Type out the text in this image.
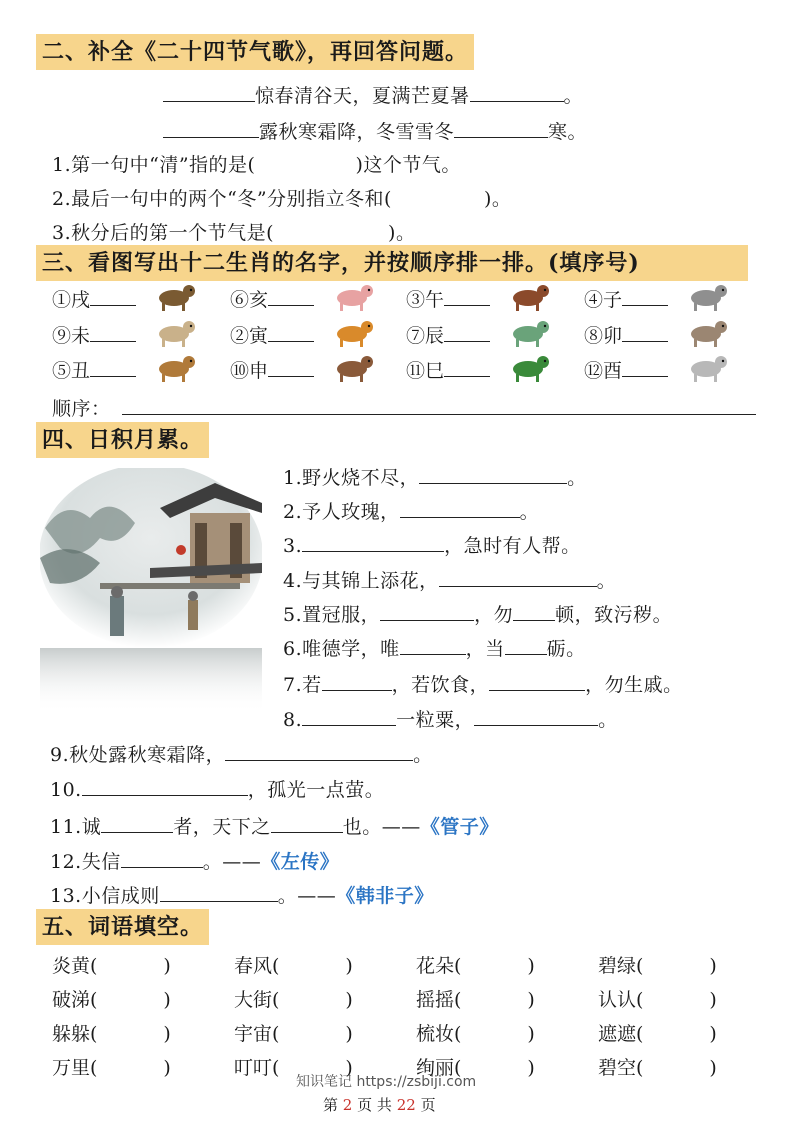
二、补全《二十四节气歌》，再回答问题。
惊春清谷天，夏满芒夏暑	。
露秋寒霜降，冬雪雪冬	寒。
1.第一句中“清”指的是(	)这个节气。
2.最后一句中的两个“冬”分别指立冬和(	)。
3.秋分后的第一个节气是(	)。
三、看图写出十二生肖的名字，并按顺序排一排。(填序号)
①戌	⑥亥	③午	④子
⑨未	②寅	⑦辰	⑧卯
⑤丑	⑩申	⑪巳	⑫酉
顺序：
四、日积月累。
1.野火烧不尽，	。
2.予人玫瑰，	。
3.	，急时有人帮。
4.与其锦上添花，	。
5.置冠服，	，勿 顿，致污秽。
6.唯德学，唯	，当 砺。
7.若	，若饮食，	，勿生戚。
8.	一粒粟，	。
9.秋处露秋寒霜降，	。
10.	，孤光一点萤。
11.诚	者，天下之	也。——《管子》
12.失信	。——《左传》
13.小信成则	。——《韩非子》
五、词语填空。
炎黄(	)	春风(	)	花朵(	)	碧绿(	)
破涕(	)	大街(	)	摇摇(	)	认认(	)
躲躲(	)	宇宙(	)	梳妆(	)	遮遮(	)
万里(	)	叮叮(	)	绚丽(	)	碧空(	)
知识笔记 https://zsbiji.com
第 2 页 共 22 页
